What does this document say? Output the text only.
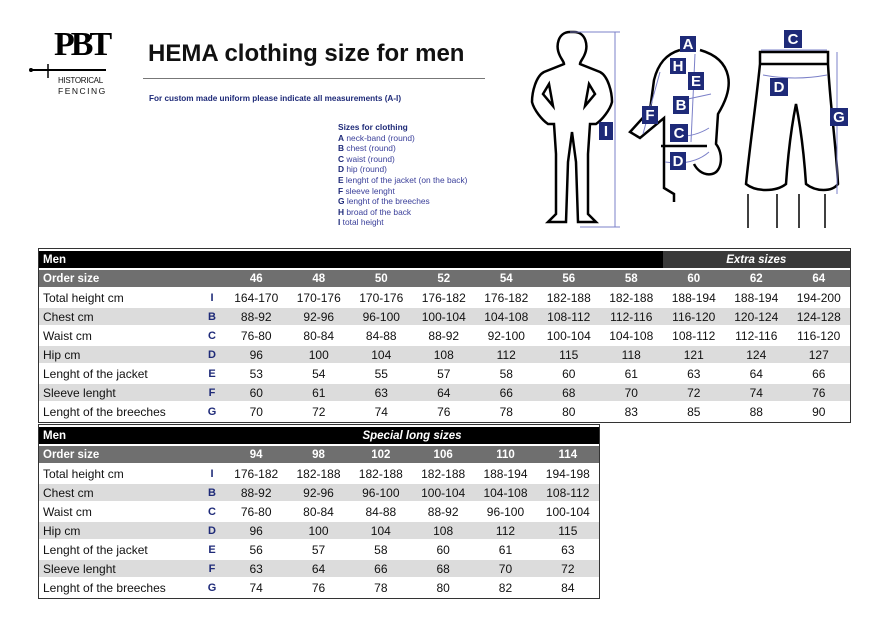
PBT
HISTORICAL
FENCING
HEMA clothing size for men
For custom made uniform please indicate all measurements (A-I)
Sizes for clothing
A neck-band (round)
B chest (round)
C waist (round)
D hip (round)
E lenght of the jacket (on the back)
F sleeve lenght
G lenght of the breeches
H broad of the back
I total height
I
A
H
E
B
F
C
D
C
D
G
Men									Extra sizes		
Order size		46	48	50	52	54	56	58	60	62	64
Total height cm	I	164-170	170-176	170-176	176-182	176-182	182-188	182-188	188-194	188-194	194-200
Chest cm	B	88-92	92-96	96-100	100-104	104-108	108-112	112-116	116-120	120-124	124-128
Waist cm	C	76-80	80-84	84-88	88-92	92-100	100-104	104-108	108-112	112-116	116-120
Hip cm	D	96	100	104	108	112	115	118	121	124	127
Lenght of the jacket	E	53	54	55	57	58	60	61	63	64	66
Sleeve lenght	F	60	61	63	64	66	68	70	72	74	76
Lenght of the breeches	G	70	72	74	76	78	80	83	85	88	90
Men		Special long sizes					
Order size		94	98	102	106	110	114
Total height cm	I	176-182	182-188	182-188	182-188	188-194	194-198
Chest cm	B	88-92	92-96	96-100	100-104	104-108	108-112
Waist cm	C	76-80	80-84	84-88	88-92	96-100	100-104
Hip cm	D	96	100	104	108	112	115
Lenght of the jacket	E	56	57	58	60	61	63
Sleeve lenght	F	63	64	66	68	70	72
Lenght of the breeches	G	74	76	78	80	82	84
